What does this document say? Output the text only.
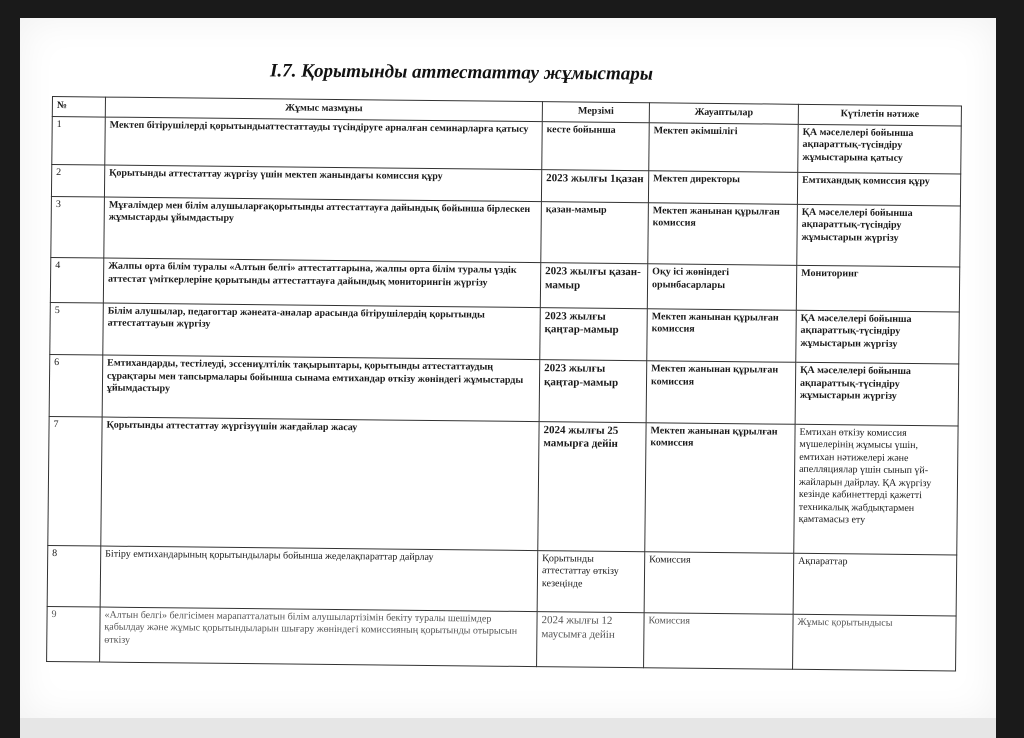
І.7. Қорытынды аттестаттау жұмыстары
№	Жұмыс мазмұны	Мерзімі	Жауаптылар	Күтілетін нәтиже
1	Мектеп бітірушілерді қорытындыаттестаттауды түсіндіруге арналған семинарларға қатысу	кесте бойынша	Мектеп әкімшілігі	ҚА мәселелері бойынша ақпараттық-түсіндіру жұмыстарына қатысу
2	Қорытынды аттестаттау жүргізу үшін мектеп жанындағы комиссия құру	2023 жылғы 1қазан	Мектеп директоры	Емтихандық комиссия құру
3	Мұғалімдер мен білім алушыларғақорытынды аттестаттауға дайындық бойынша бірлескен жұмыстарды ұйымдастыру	қазан-мамыр	Мектеп жанынан құрылған комиссия	ҚА мәселелері бойынша ақпараттық-түсіндіру жұмыстарын жүргізу
4	Жалпы орта білім туралы «Алтын белгі» аттестаттарына, жалпы орта білім туралы үздік аттестат үміткерлеріне қорытынды аттестаттауға дайындық мониторингін жүргізу	2023 жылғы қазан-мамыр	Оқу ісі жөніндегі орынбасарлары	Мониторинг
5	Білім алушылар, педагогтар жәнеата-аналар арасында бітірушілердің қорытынды аттестаттауын жүргізу	2023 жылғы қаңтар-мамыр	Мектеп жанынан құрылған комиссия	ҚА мәселелері бойынша ақпараттық-түсіндіру жұмыстарын жүргізу
6	Емтихандарды, тестілеуді, эссениұлтілік тақырыптары, қорытынды аттестаттаудың сұрақтары мен тапсырмалары бойынша сынама емтихандар өткізу жөніндегі жұмыстарды ұйымдастыру	2023 жылғы қаңтар-мамыр	Мектеп жанынан құрылған комиссия	ҚА мәселелері бойынша ақпараттық-түсіндіру жұмыстарын жүргізу
7	Қорытынды аттестаттау жүргізуүшін жағдайлар жасау	2024 жылғы 25 мамырға дейін	Мектеп жанынан құрылған комиссия	Емтихан өткізу комиссия мүшелерінің жұмысы үшін, емтихан нәтижелері және апелляциялар үшін сынып үй-жайларын дайрлау. ҚА жүргізу кезінде кабинеттерді қажетті техникалық жабдықтармен қамтамасыз ету
8	Бітіру емтихандарының қорытындылары бойынша жеделақпараттар дайрлау	Қорытынды аттестаттау өткізу кезеңінде	Комиссия	Ақпараттар
9	«Алтын белгі» белгісімен марапатталатын білім алушылартізімін бекіту туралы шешімдер қабылдау және жұмыс қорытындыларын шығару жөніндегі комиссияның қорытынды отырысын өткізу	2024 жылғы 12 маусымға дейін	Комиссия	Жұмыс қорытындысы
